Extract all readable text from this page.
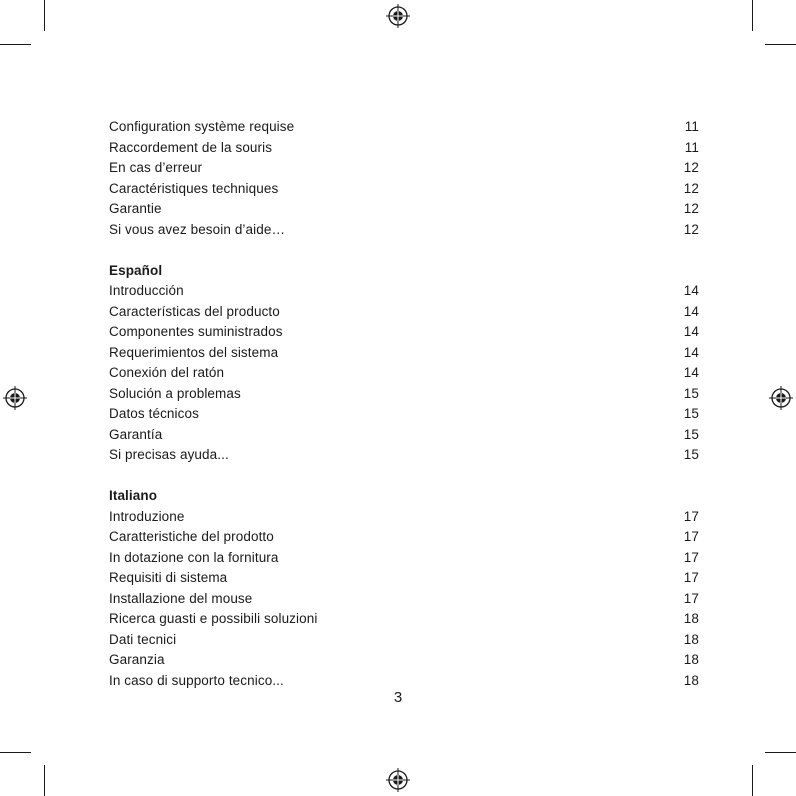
Configuration système requise	11
Raccordement de la souris	11
En cas d’erreur	12
Caractéristiques techniques	12
Garantie	12
Si vous avez besoin d’aide…	12
Español
Introducción	14
Características del producto	14
Componentes suministrados	14
Requerimientos del sistema	14
Conexión del ratón	14
Solución a problemas	15
Datos técnicos	15
Garantía	15
Si precisas ayuda...	15
Italiano
Introduzione	17
Caratteristiche del prodotto	17
In dotazione con la fornitura	17
Requisiti di sistema	17
Installazione del mouse	17
Ricerca guasti e possibili soluzioni	18
Dati tecnici	18
Garanzia	18
In caso di supporto tecnico...	18
3
